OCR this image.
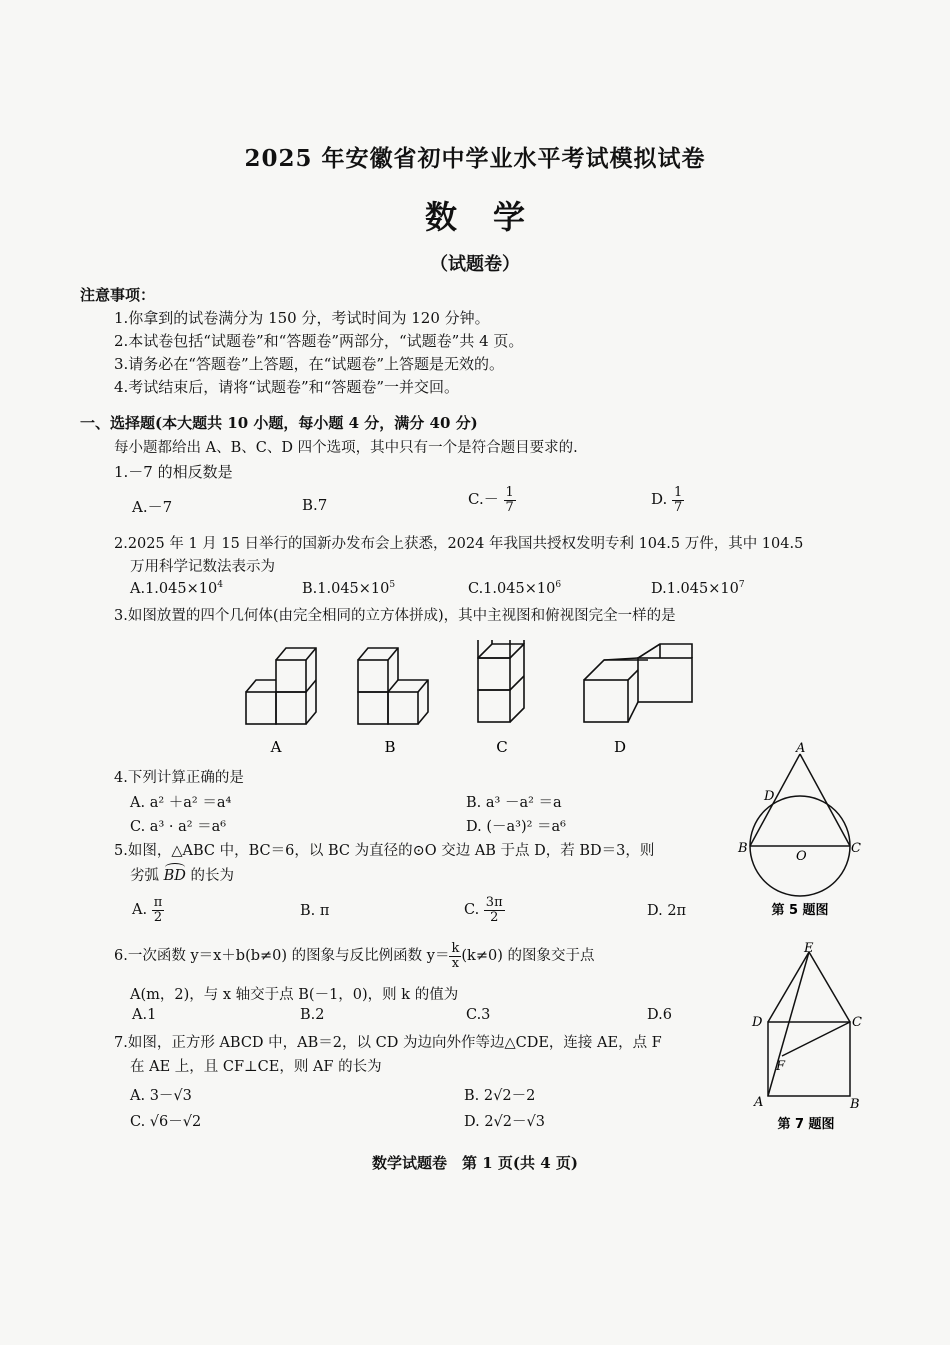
2025 年安徽省初中学业水平考试模拟试卷
数学
（试题卷）
注意事项：
1.你拿到的试卷满分为 150 分，考试时间为 120 分钟。
2.本试卷包括“试题卷”和“答题卷”两部分，“试题卷”共 4 页。
3.请务必在“答题卷”上答题，在“试题卷”上答题是无效的。
4.考试结束后，请将“试题卷”和“答题卷”一并交回。
一、选择题(本大题共 10 小题，每小题 4 分，满分 40 分)
每小题都给出 A、B、C、D 四个选项，其中只有一个是符合题目要求的.
1.－7 的相反数是
A.－7	B.7	$C.- \frac{1}{7}$	D. $\frac{1}{7}$
2.2025 年 1 月 15 日举行的国新办发布会上获悉，2024 年我国共授权发明专利 104.5 万件，其中 104.5
万用科学记数法表示为
$A.1.045\times 10^4$	$B.1.045\times 10^5$	$C.1.045\times 10^6$	$D.1.045\times 10^7$
3.如图放置的四个几何体(由完全相同的立方体拼成)，其中主视图和俯视图完全一样的是
A	B	C	D
4.下列计算正确的是
A. a² ＋a² ＝a⁴	B. a³ －a² ＝a
C. a³ · a² ＝a⁶	D. (－a³)² ＝a⁶
5.如图，△ABC 中，BC＝6，以 BC 为直径的⊙O 交边 AB 于点 D，若 BD＝3，则
劣弧
BD 的长为
A. $\frac{\pi}{2}$	B. π	C. $\frac{3\pi}{2}$	D. 2π
A
D
B
O
C
第 5 题图
6.一次函数 y＝x＋b(b≠0) 的图象与反比例函数 $y= \frac{k}{x} (k\ne 0)$ 的图象交于点
A(m，2)，与 x 轴交于点 B(－1，0)，则 k 的值为
A.1	B.2	C.3	D.6
7.如图，正方形 ABCD 中，AB＝2，以 CD 为边向外作等边△CDE，连接 AE，点 F
在 AE 上，且 CF⊥CE，则 AF 的长为
A. 3－√3	B. 2√2－2
C. √6－√2	D. 2√2－√3
E
D	C
F
A	B
第 7 题图
数学试题卷　第 1 页(共 4 页)
